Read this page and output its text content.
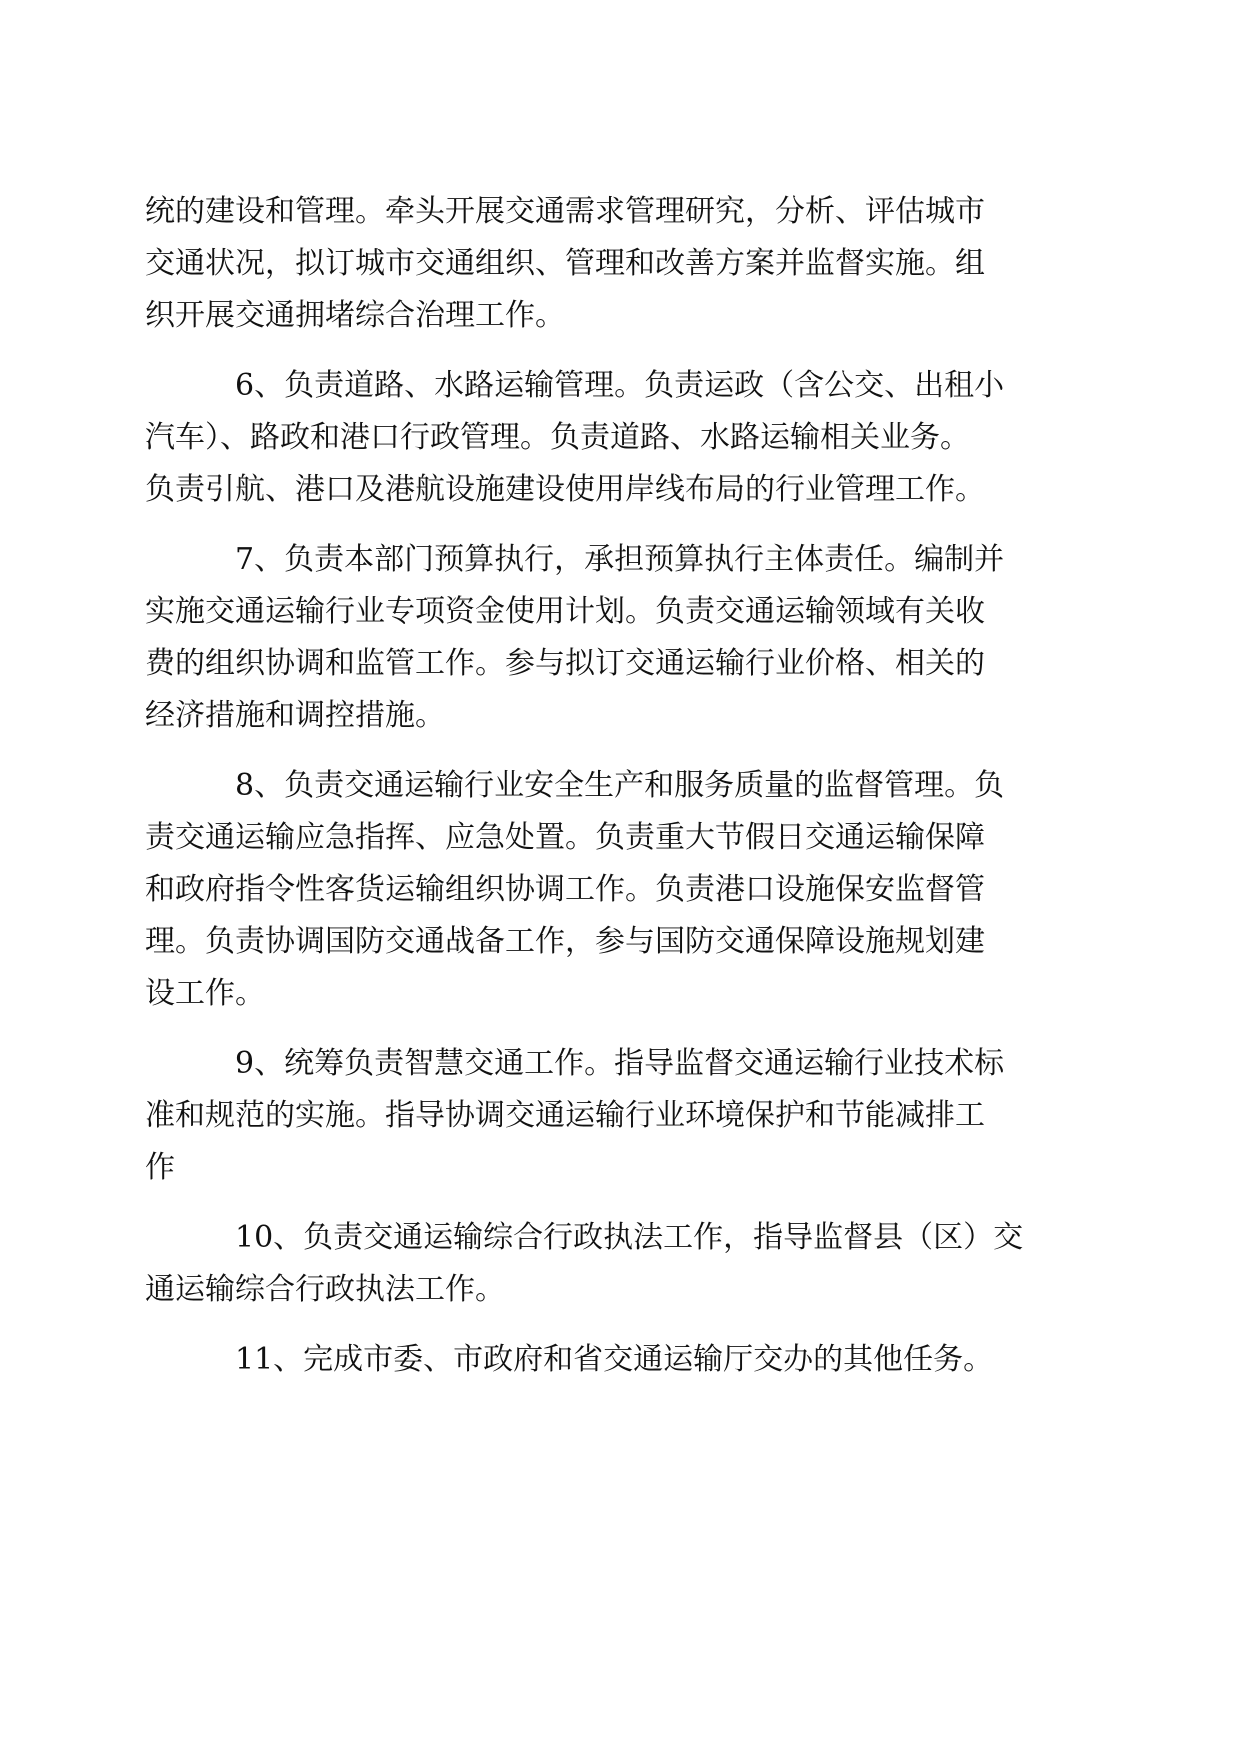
统的建设和管理。牵头开展交通需求管理研究，分析、评估城市
交通状况，拟订城市交通组织、管理和改善方案并监督实施。组
织开展交通拥堵综合治理工作。
6、负责道路、水路运输管理。负责运政（含公交、出租小
汽车）、路政和港口行政管理。负责道路、水路运输相关业务。
负责引航、港口及港航设施建设使用岸线布局的行业管理工作。
7、负责本部门预算执行，承担预算执行主体责任。编制并
实施交通运输行业专项资金使用计划。负责交通运输领域有关收
费的组织协调和监管工作。参与拟订交通运输行业价格、相关的
经济措施和调控措施。
8、负责交通运输行业安全生产和服务质量的监督管理。负
责交通运输应急指挥、应急处置。负责重大节假日交通运输保障
和政府指令性客货运输组织协调工作。负责港口设施保安监督管
理。负责协调国防交通战备工作，参与国防交通保障设施规划建
设工作。
9、统筹负责智慧交通工作。指导监督交通运输行业技术标
准和规范的实施。指导协调交通运输行业环境保护和节能减排工
作
10、负责交通运输综合行政执法工作，指导监督县（区）交
通运输综合行政执法工作。
11、完成市委、市政府和省交通运输厅交办的其他任务。
